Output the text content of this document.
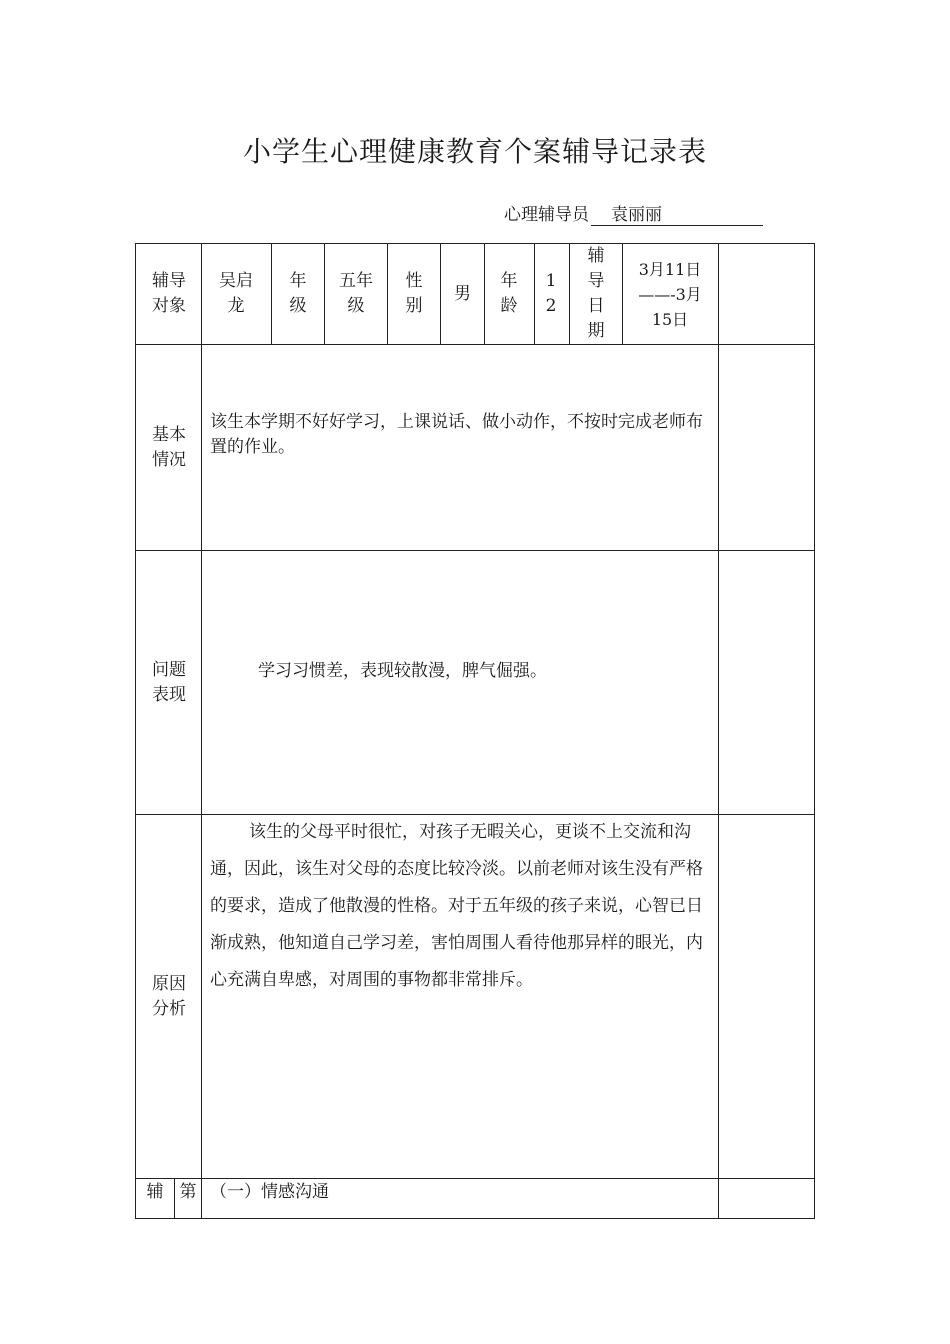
小学生心理健康教育个案辅导记录表
心理辅导员 袁丽丽
辅导对象
吴启龙
年级
五年级
性别
男
年龄
12
辅导日期
3月11日——-3月 15日
基本情况
该生本学期不好好学习，上课说话、做小动作，不按时完成老师布置的作业。
问题表现
学习习惯差，表现较散漫，脾气倔强。
原因分析
该生的父母平时很忙，对孩子无暇关心，更谈不上交流和沟通，因此，该生对父母的态度比较冷淡。以前老师对该生没有严格的要求，造成了他散漫的性格。对于五年级的孩子来说，心智已日渐成熟，他知道自己学习差，害怕周围人看待他那异样的眼光，内心充满自卑感，对周围的事物都非常排斥。
辅 第 （一）情感沟通
